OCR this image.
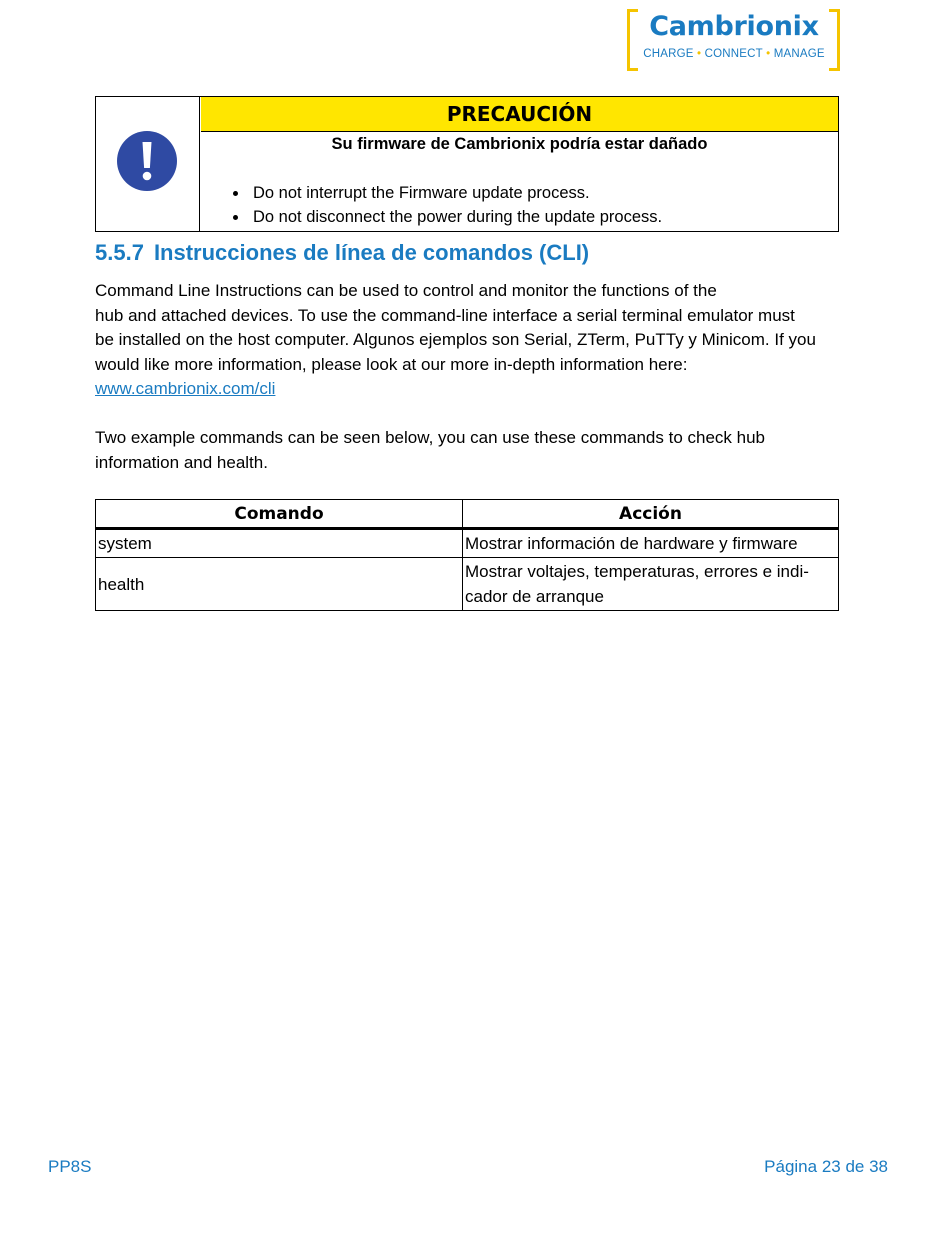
Cambrionix
CHARGE • CONNECT • MANAGE
PRECAUCIÓN
Su firmware de Cambrionix podría estar dañado
• Do not interrupt the Firmware update process.
• Do not disconnect the power during the update process.
5.5.7 Instrucciones de línea de comandos (CLI)
Command Line Instructions can be used to control and monitor the functions of the
hub and attached devices. To use the command-line interface a serial terminal emulator must
be installed on the host computer. Algunos ejemplos son Serial, ZTerm, PuTTy y Minicom. If you
would like more information, please look at our more in-depth information here:
www.cambrionix.com/cli
Two example commands can be seen below, you can use these commands to check hub
information and health.
Comando	Acción
system	Mostrar información de hardware y firmware

health	Mostrar voltajes, temperaturas, errores e indi-
cador de arranque
PP8S	Página 23 de 38
